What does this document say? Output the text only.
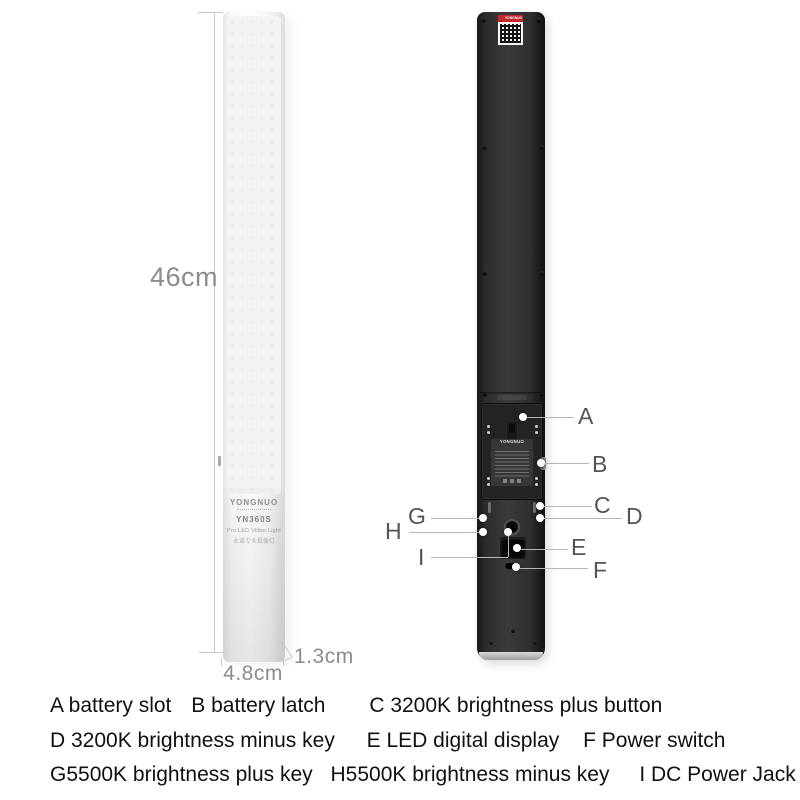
46cm
YONGNUO
YN360S
Pro LED Video Light
永诺专业摄像灯
4.8cm
1.3cm
YONGNUO
YONGNUO
A
B
C D
E
F
G
H
I
A battery slot B battery latch C 3200K brightness plus button
D 3200K brightness minus key E LED digital display F Power switch
G5500K brightness plus key H5500K brightness minus key I DC Power Jack
